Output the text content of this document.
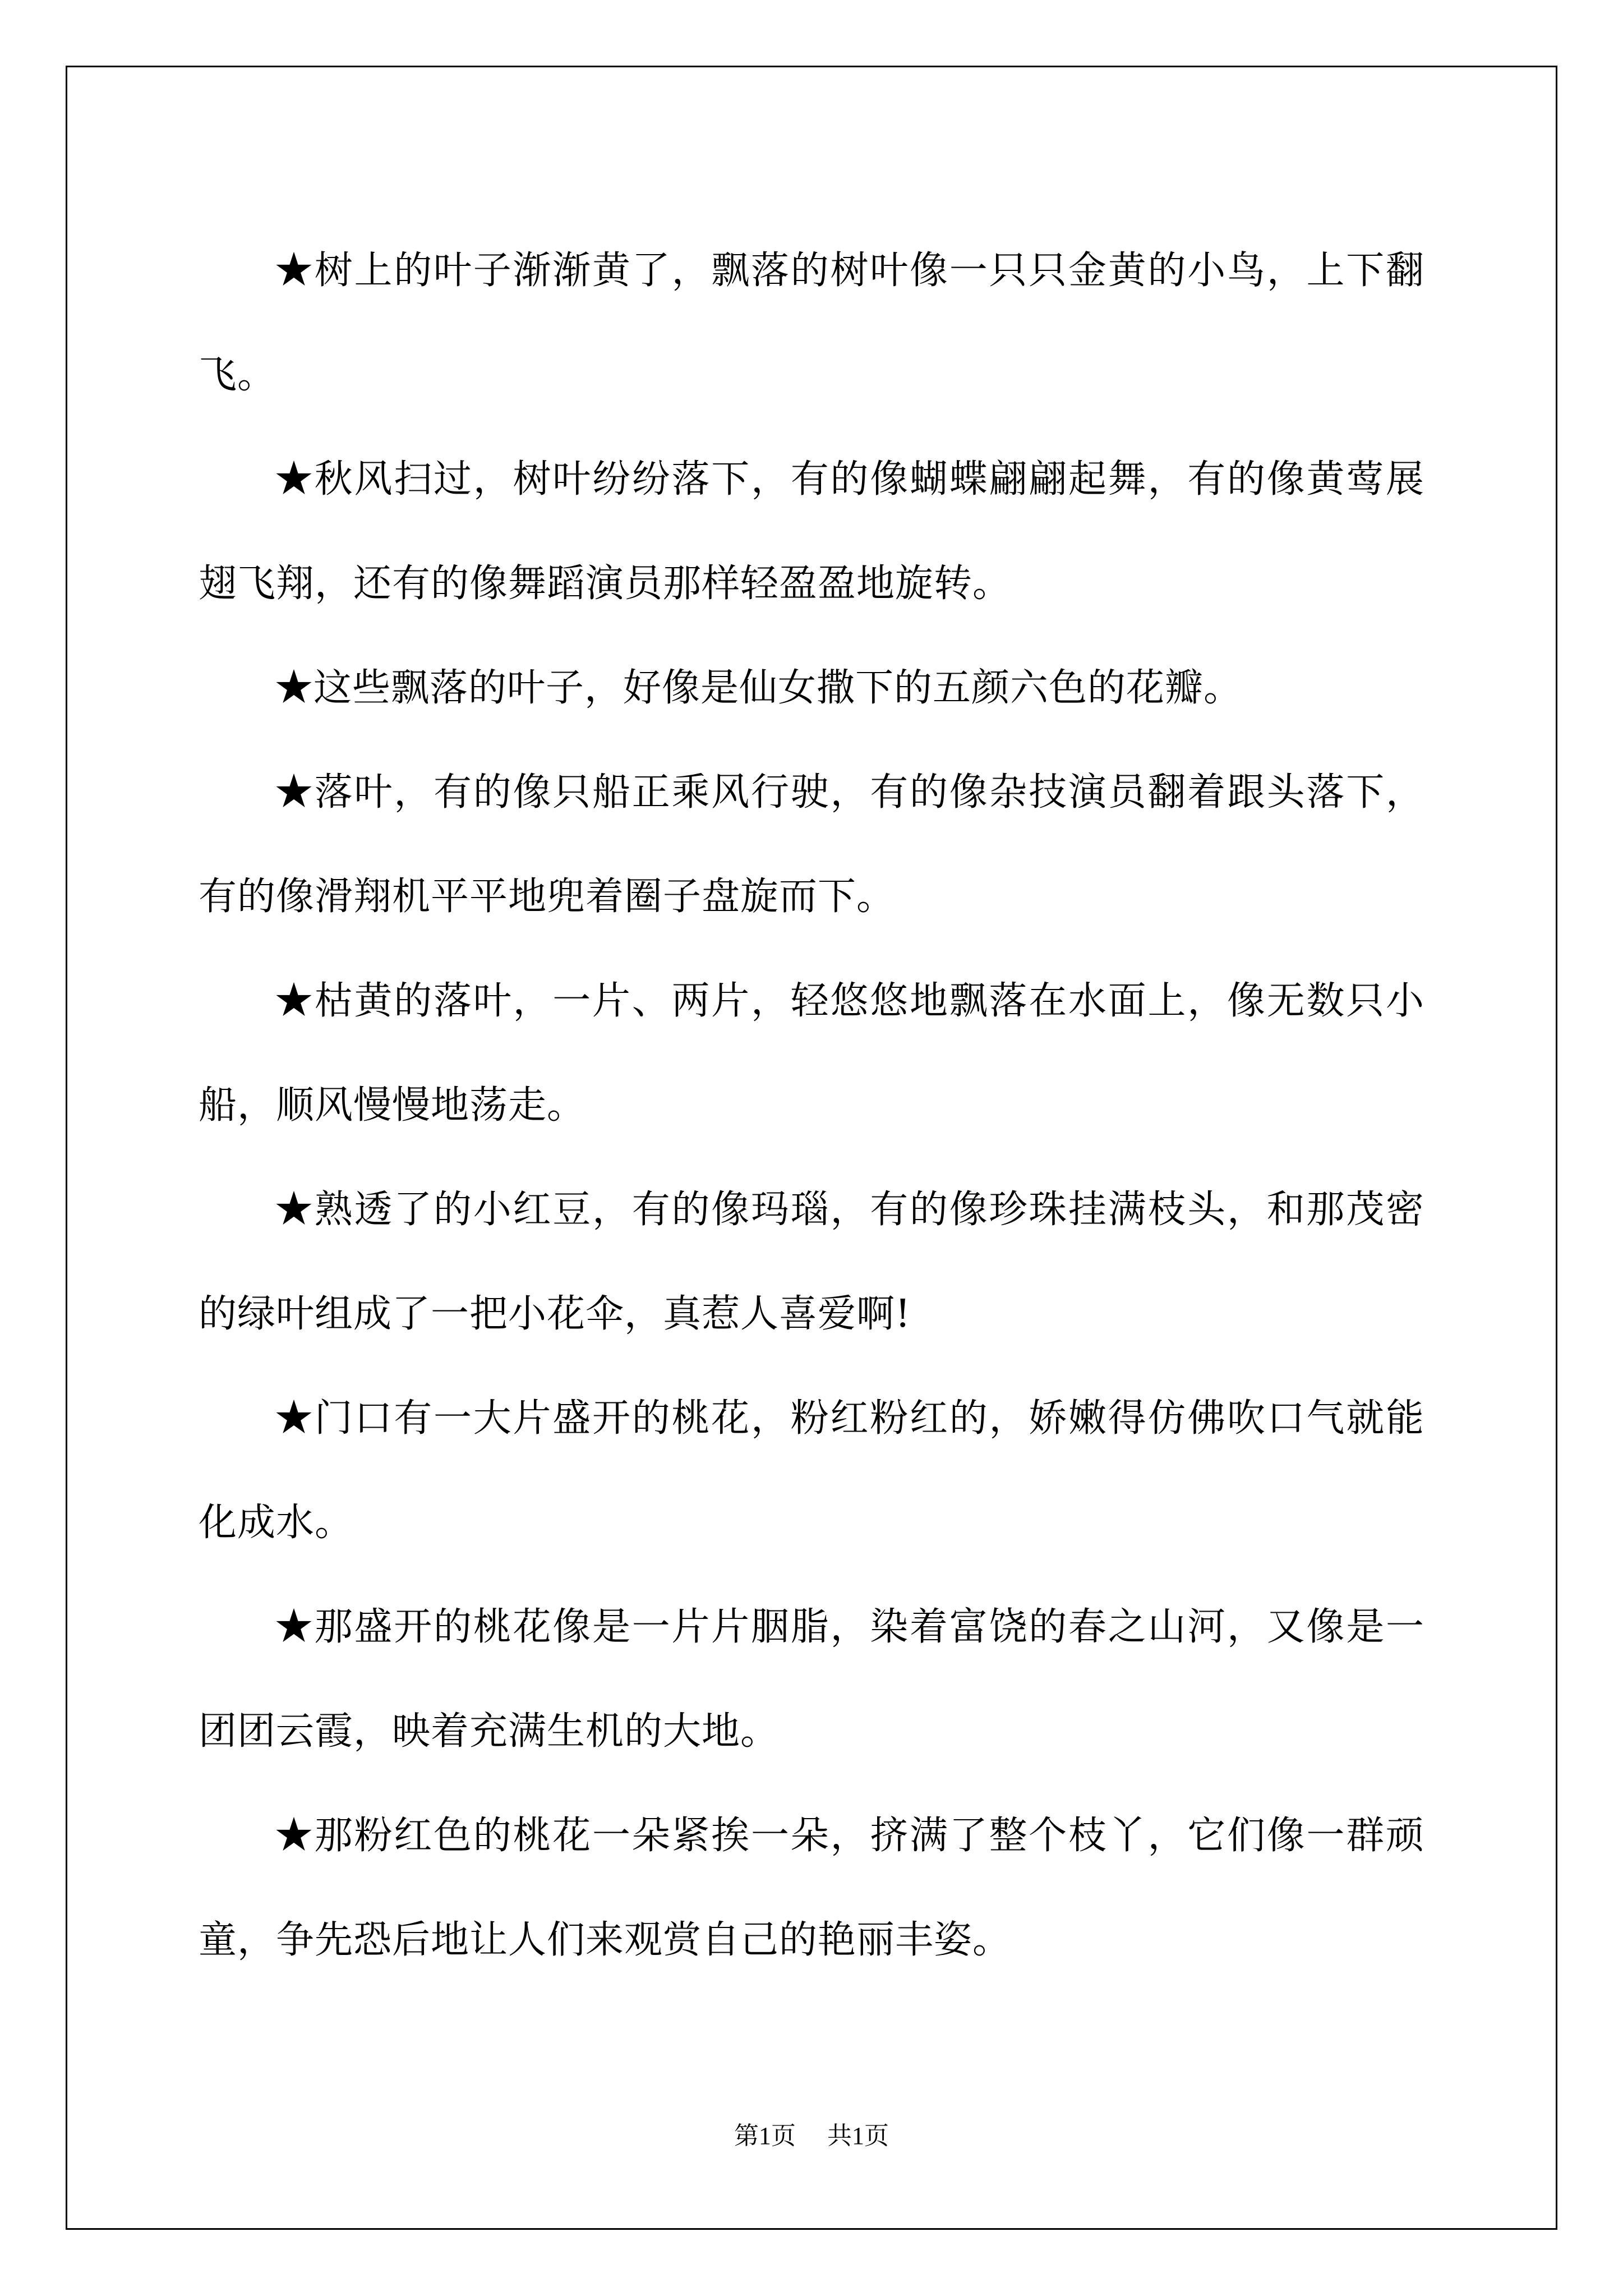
★树上的叶子渐渐黄了，飘落的树叶像一只只金黄的小鸟，上下翻飞。

★秋风扫过，树叶纷纷落下，有的像蝴蝶翩翩起舞，有的像黄莺展翅飞翔，还有的像舞蹈演员那样轻盈盈地旋转。

★这些飘落的叶子，好像是仙女撒下的五颜六色的花瓣。

★落叶，有的像只船正乘风行驶，有的像杂技演员翻着跟头落下，有的像滑翔机平平地兜着圈子盘旋而下。

★枯黄的落叶，一片、两片，轻悠悠地飘落在水面上，像无数只小船，顺风慢慢地荡走。

★熟透了的小红豆，有的像玛瑙，有的像珍珠挂满枝头，和那茂密的绿叶组成了一把小花伞，真惹人喜爱啊!

★门口有一大片盛开的桃花，粉红粉红的，娇嫩得仿佛吹口气就能化成水。

★那盛开的桃花像是一片片胭脂，染着富饶的春之山河，又像是一团团云霞，映着充满生机的大地。

★那粉红色的桃花一朵紧挨一朵，挤满了整个枝丫，它们像一群顽童，争先恐后地让人们来观赏自己的艳丽丰姿。

第1页 共1页
